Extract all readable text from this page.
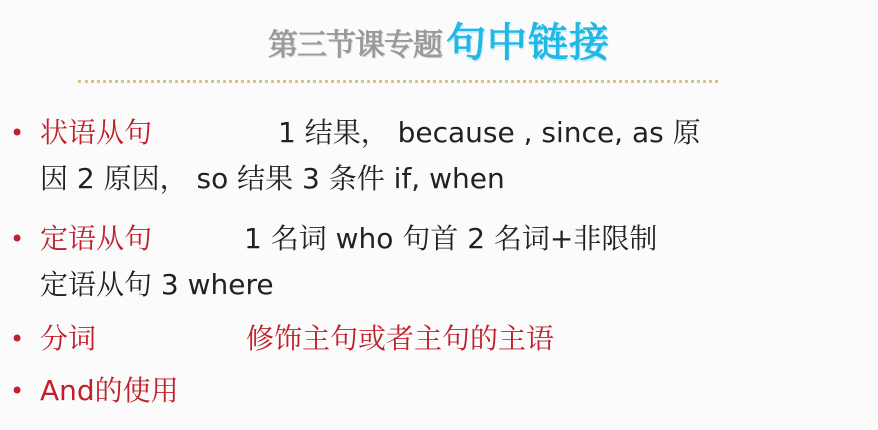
第三节课专题 句中链接
• 状语从句	1 结果， because , since, as 原
因 2 原因， so 结果 3 条件 if, when
• 定语从句	1 名词 who 句首 2 名词+非限制
定语从句 3 where
• 分词	修饰主句或者主句的主语
• And的使用
